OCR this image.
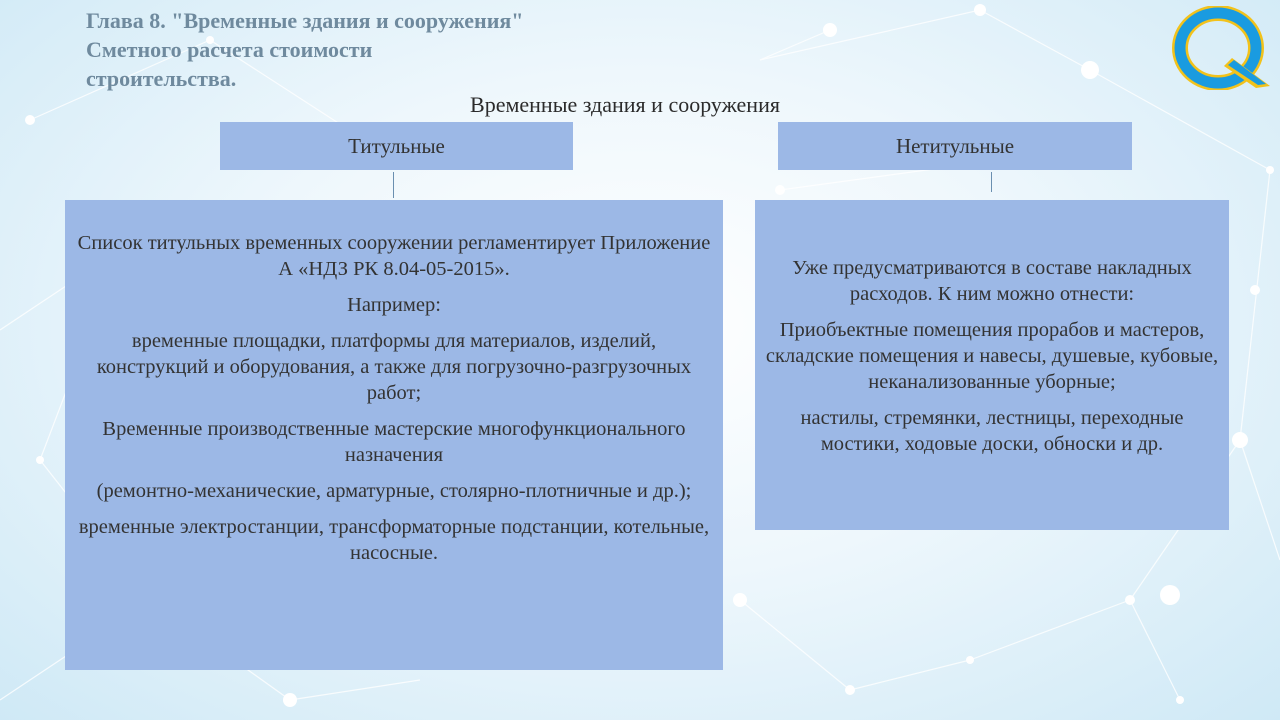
Глава 8. "Временные здания и сооружения"
Сметного расчета стоимости
строительства.
Временные здания и сооружения
Титульные	Нетитульные

Список титульных временных сооружении регламентирует Приложение А «НДЗ РК 8.04-05-2015».

Например:

временные площадки, платформы для материалов, изделий, конструкций и оборудования, а также для погрузочно-разгрузочных работ;

Временные производственные мастерские многофункционального назначения

(ремонтно-механические, арматурные, столярно-плотничные и др.);

временные электростанции, трансформаторные подстанции, котельные, насосные.

Уже предусматриваются в составе накладных расходов. К ним можно отнести:

Приобъектные помещения прорабов и мастеров, складские помещения и навесы, душевые, кубовые, неканализованные уборные;

настилы, стремянки, лестницы, переходные мостики, ходовые доски, обноски и др.

Q
